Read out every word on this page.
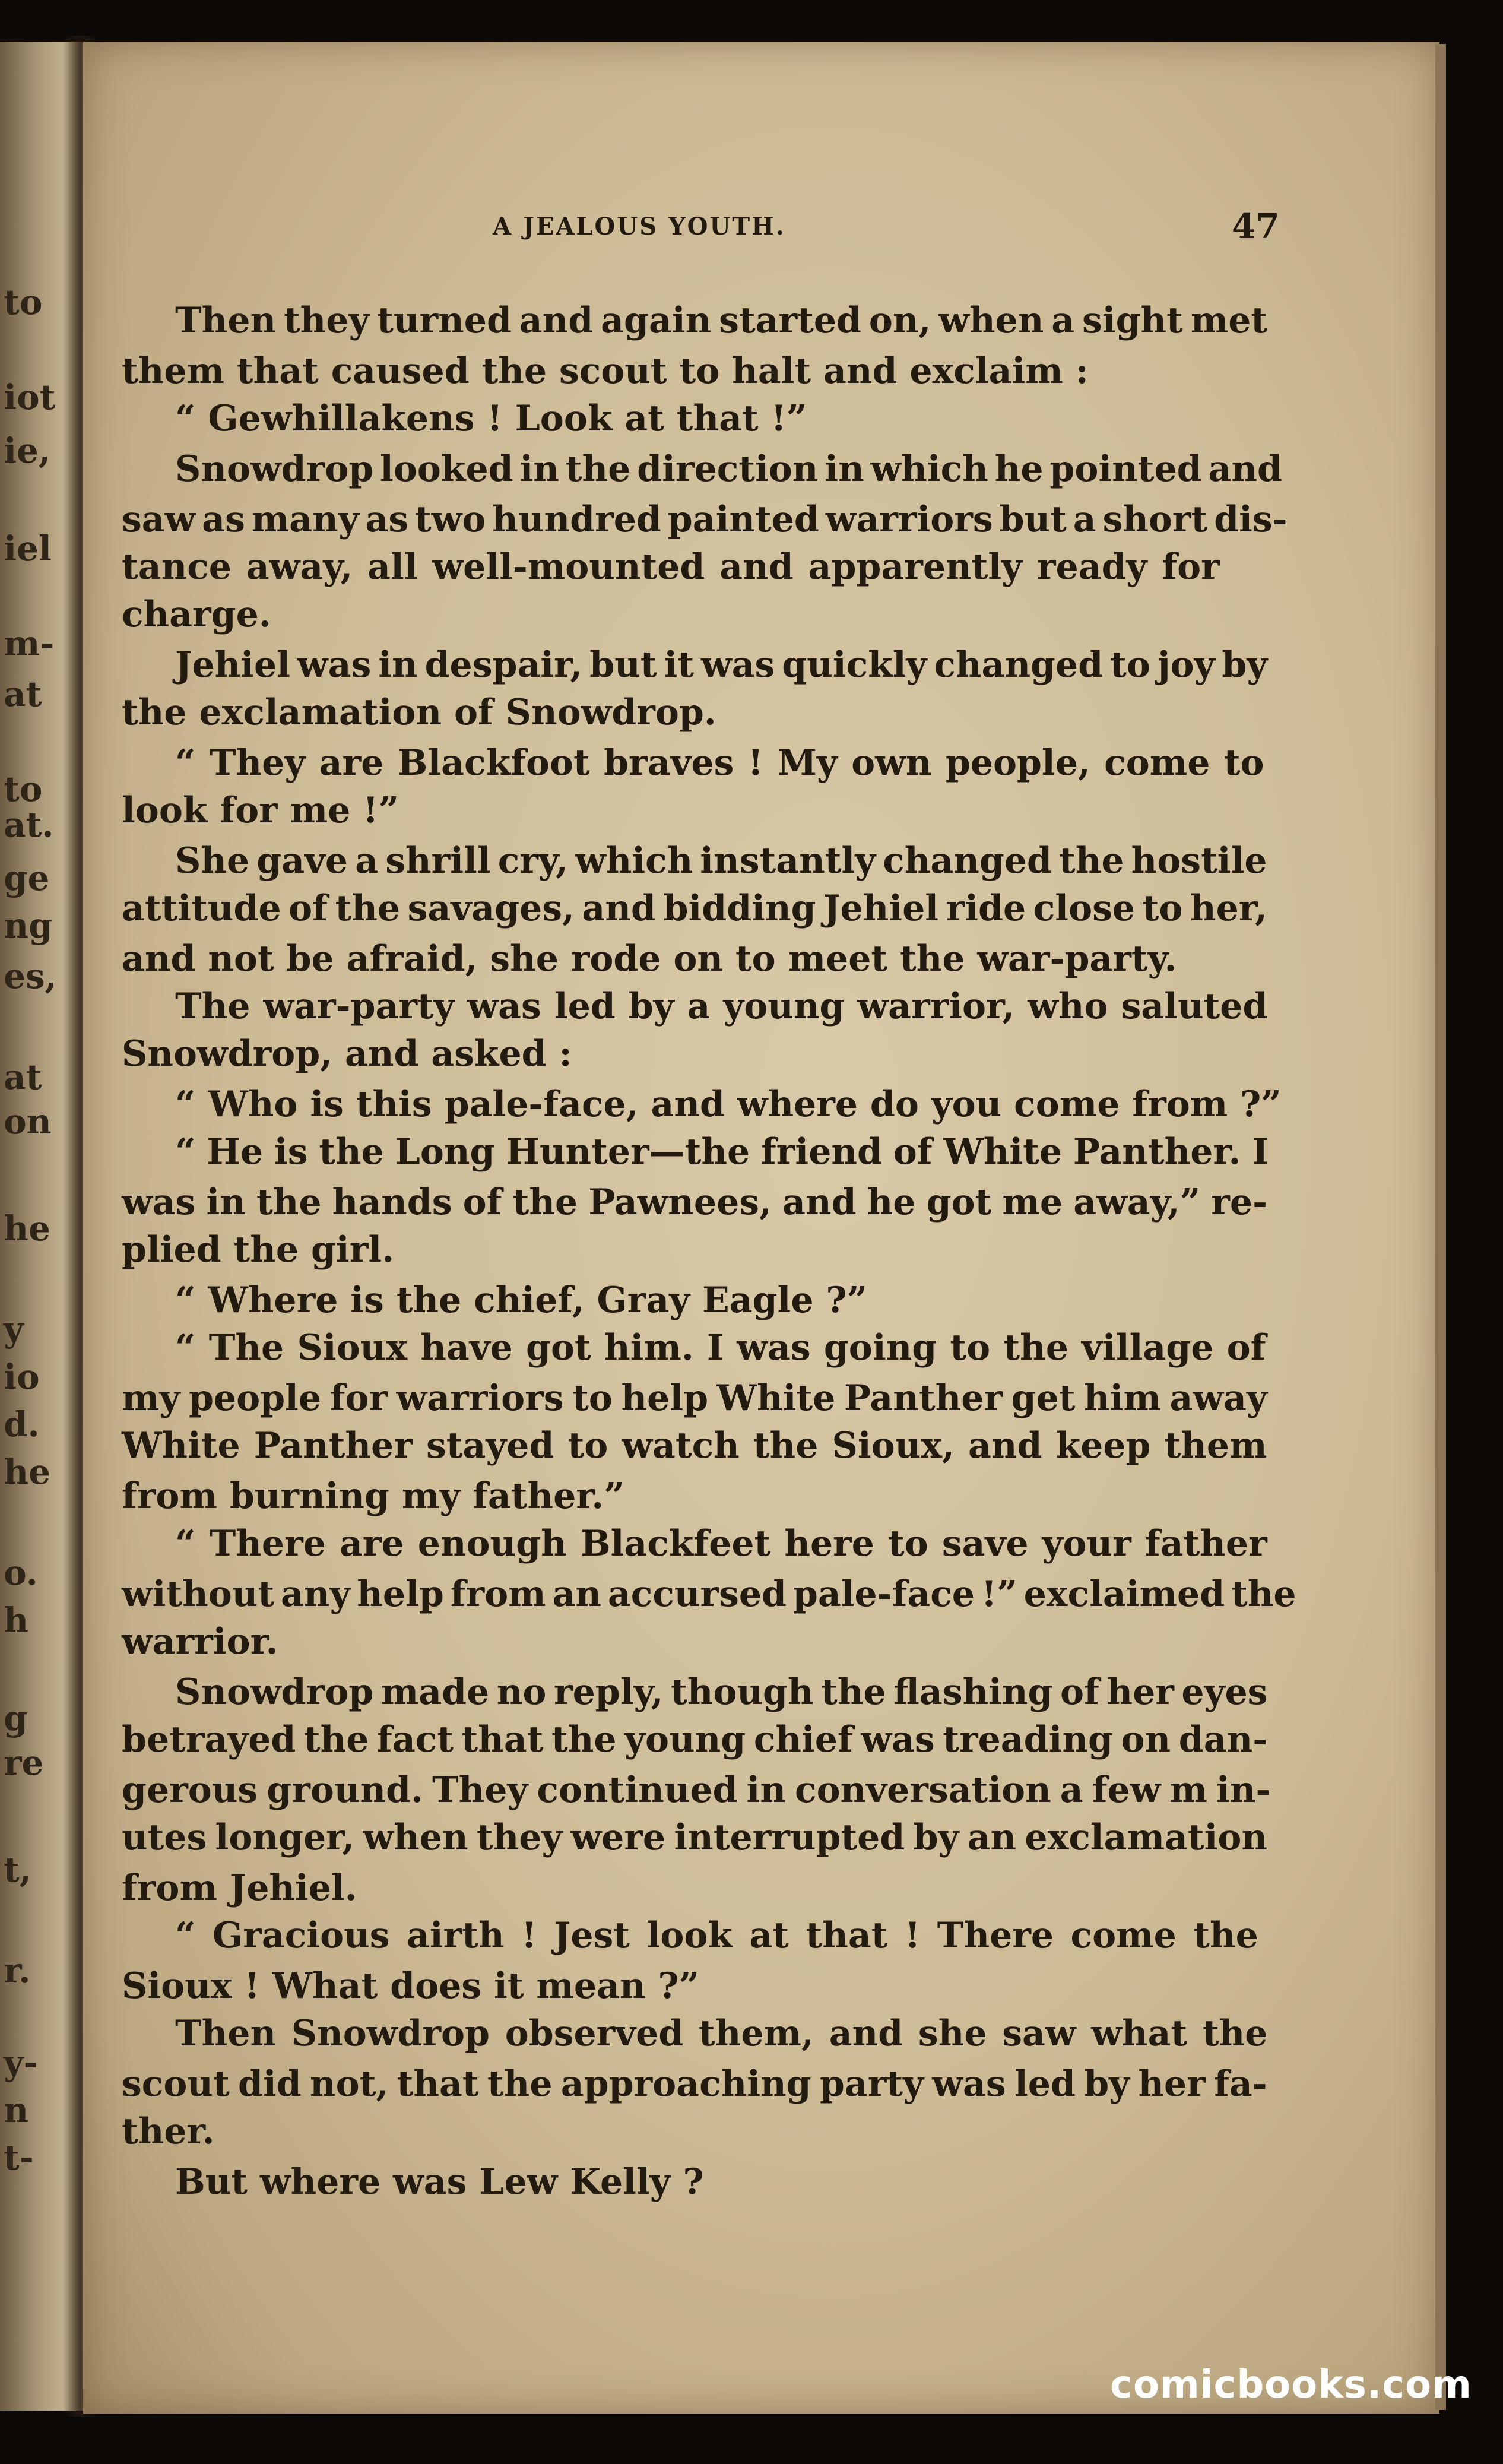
to
iot
ie,
iel
m-
at
to
at.
ge
ng
es,
at
on
he
y
io
d.
he
o.
h
g
re
t,
r.
y-
n
t-
A JEALOUS YOUTH.	47

Then they turned and again started on, when a sight met

them that caused the scout to halt and exclaim :

“ Gewhillakens ! Look at that !”

Snowdrop looked in the direction in which he pointed and

saw as many as two hundred painted warriors but a short dis-

tance away, all well-mounted and apparently ready for

charge.

Jehiel was in despair, but it was quickly changed to joy by

the exclamation of Snowdrop.

“ They are Blackfoot braves ! My own people, come to

look for me !”

She gave a shrill cry, which instantly changed the hostile

attitude of the savages, and bidding Jehiel ride close to her,

and not be afraid, she rode on to meet the war-party.

The war-party was led by a young warrior, who saluted

Snowdrop, and asked :

“ Who is this pale-face, and where do you come from ?”

“ He is the Long Hunter—the friend of White Panther. I

was in the hands of the Pawnees, and he got me away,” re-

plied the girl.

“ Where is the chief, Gray Eagle ?”

“ The Sioux have got him. I was going to the village of

my people for warriors to help White Panther get him away

White Panther stayed to watch the Sioux, and keep them

from burning my father.”

“ There are enough Blackfeet here to save your father

without any help from an accursed pale-face !” exclaimed the

warrior.

Snowdrop made no reply, though the flashing of her eyes

betrayed the fact that the young chief was treading on dan-

gerous ground. They continued in conversation a few m in-

utes longer, when they were interrupted by an exclamation

from Jehiel.

“ Gracious airth ! Jest look at that ! There come the

Sioux ! What does it mean ?”

Then Snowdrop observed them, and she saw what the

scout did not, that the approaching party was led by her fa-

ther.

But where was Lew Kelly ?

comicbooks.com
